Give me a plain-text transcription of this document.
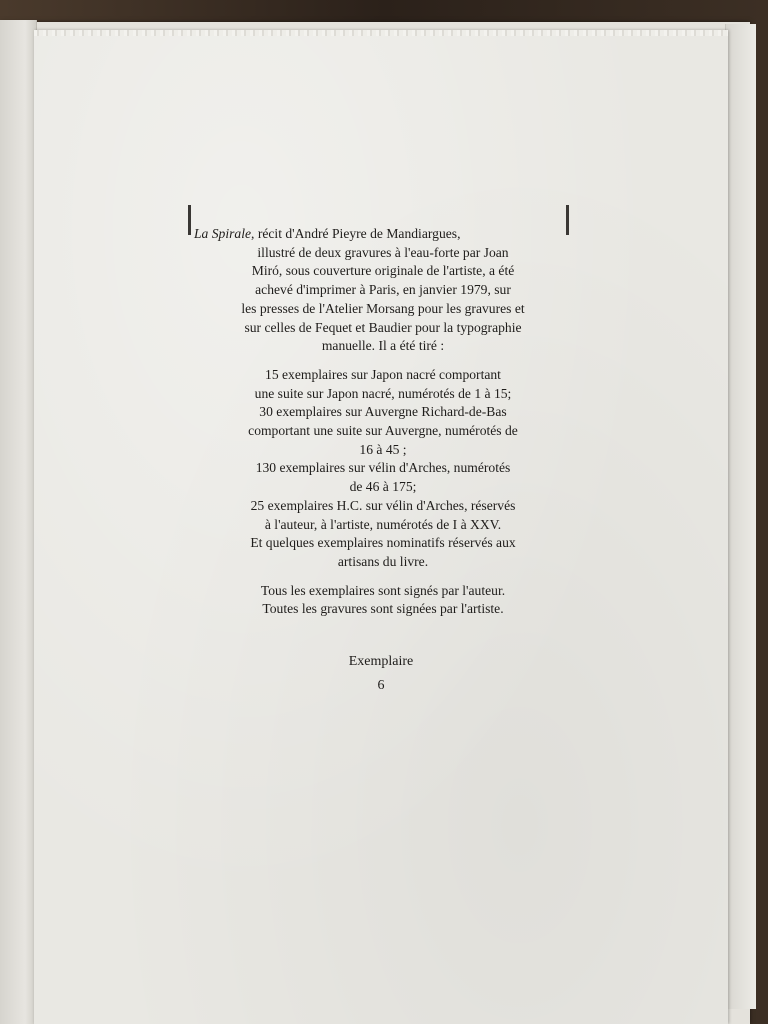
La Spirale, récit d'André Pieyre de Mandiargues,
illustré de deux gravures à l'eau-forte par Joan
Miró, sous couverture originale de l'artiste, a été
achevé d'imprimer à Paris, en janvier 1979, sur
les presses de l'Atelier Morsang pour les gravures et
sur celles de Fequet et Baudier pour la typographie
manuelle. Il a été tiré :
15 exemplaires sur Japon nacré comportant
une suite sur Japon nacré, numérotés de 1 à 15;
30 exemplaires sur Auvergne Richard-de-Bas
comportant une suite sur Auvergne, numérotés de
16 à 45 ;
130 exemplaires sur vélin d'Arches, numérotés
de 46 à 175;
25 exemplaires H.C. sur vélin d'Arches, réservés
à l'auteur, à l'artiste, numérotés de I à XXV.
Et quelques exemplaires nominatifs réservés aux
artisans du livre.
Tous les exemplaires sont signés par l'auteur.
Toutes les gravures sont signées par l'artiste.
Exemplaire
6
